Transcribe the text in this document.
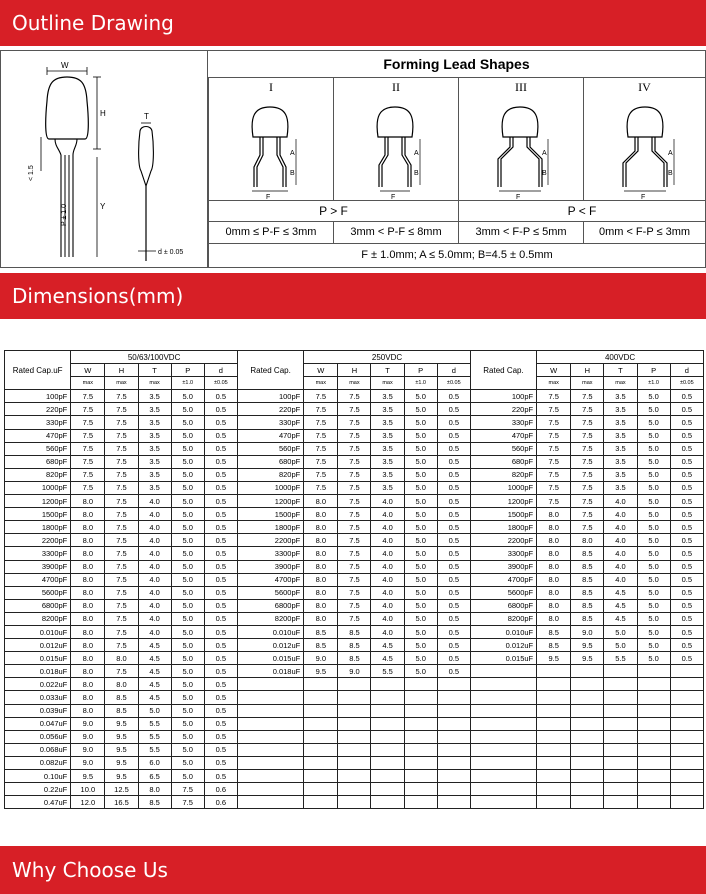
Outline Drawing
W
H
Y
< 1.5
P ± 1.0
T
d ± 0.05
Forming Lead Shapes
I	II	III	IV
A
B
F
A
B
F
A
B
F
A
B
F
P > F	P < F
0mm ≤ P-F ≤ 3mm	3mm < P-F ≤ 8mm	3mm < F-P ≤ 5mm	0mm < F-P ≤ 3mm
F ± 1.0mm; A ≤ 5.0mm; B=4.5 ± 0.5mm
Dimensions(mm)
Rated Cap.uF	50/63/100VDC					Rated Cap.	250VDC					Rated Cap.	400VDC				
	W	H	T	P	d		W	H	T	P	d		W	H	T	P	d
	max	max	max	±1.0	±0.05		max	max	max	±1.0	±0.05		max	max	max	±1.0	±0.05
100pF	7.5	7.5	3.5	5.0	0.5	100pF	7.5	7.5	3.5	5.0	0.5	100pF	7.5	7.5	3.5	5.0	0.5
220pF	7.5	7.5	3.5	5.0	0.5	220pF	7.5	7.5	3.5	5.0	0.5	220pF	7.5	7.5	3.5	5.0	0.5
330pF	7.5	7.5	3.5	5.0	0.5	330pF	7.5	7.5	3.5	5.0	0.5	330pF	7.5	7.5	3.5	5.0	0.5
470pF	7.5	7.5	3.5	5.0	0.5	470pF	7.5	7.5	3.5	5.0	0.5	470pF	7.5	7.5	3.5	5.0	0.5
560pF	7.5	7.5	3.5	5.0	0.5	560pF	7.5	7.5	3.5	5.0	0.5	560pF	7.5	7.5	3.5	5.0	0.5
680pF	7.5	7.5	3.5	5.0	0.5	680pF	7.5	7.5	3.5	5.0	0.5	680pF	7.5	7.5	3.5	5.0	0.5
820pF	7.5	7.5	3.5	5.0	0.5	820pF	7.5	7.5	3.5	5.0	0.5	820pF	7.5	7.5	3.5	5.0	0.5
1000pF	7.5	7.5	3.5	5.0	0.5	1000pF	7.5	7.5	3.5	5.0	0.5	1000pF	7.5	7.5	3.5	5.0	0.5
1200pF	8.0	7.5	4.0	5.0	0.5	1200pF	8.0	7.5	4.0	5.0	0.5	1200pF	7.5	7.5	4.0	5.0	0.5
1500pF	8.0	7.5	4.0	5.0	0.5	1500pF	8.0	7.5	4.0	5.0	0.5	1500pF	8.0	7.5	4.0	5.0	0.5
1800pF	8.0	7.5	4.0	5.0	0.5	1800pF	8.0	7.5	4.0	5.0	0.5	1800pF	8.0	7.5	4.0	5.0	0.5
2200pF	8.0	7.5	4.0	5.0	0.5	2200pF	8.0	7.5	4.0	5.0	0.5	2200pF	8.0	8.0	4.0	5.0	0.5
3300pF	8.0	7.5	4.0	5.0	0.5	3300pF	8.0	7.5	4.0	5.0	0.5	3300pF	8.0	8.5	4.0	5.0	0.5
3900pF	8.0	7.5	4.0	5.0	0.5	3900pF	8.0	7.5	4.0	5.0	0.5	3900pF	8.0	8.5	4.0	5.0	0.5
4700pF	8.0	7.5	4.0	5.0	0.5	4700pF	8.0	7.5	4.0	5.0	0.5	4700pF	8.0	8.5	4.0	5.0	0.5
5600pF	8.0	7.5	4.0	5.0	0.5	5600pF	8.0	7.5	4.0	5.0	0.5	5600pF	8.0	8.5	4.5	5.0	0.5
6800pF	8.0	7.5	4.0	5.0	0.5	6800pF	8.0	7.5	4.0	5.0	0.5	6800pF	8.0	8.5	4.5	5.0	0.5
8200pF	8.0	7.5	4.0	5.0	0.5	8200pF	8.0	7.5	4.0	5.0	0.5	8200pF	8.0	8.5	4.5	5.0	0.5
0.010uF	8.0	7.5	4.0	5.0	0.5	0.010uF	8.5	8.5	4.0	5.0	0.5	0.010uF	8.5	9.0	5.0	5.0	0.5
0.012uF	8.0	7.5	4.5	5.0	0.5	0.012uF	8.5	8.5	4.5	5.0	0.5	0.012uF	8.5	9.5	5.0	5.0	0.5
0.015uF	8.0	8.0	4.5	5.0	0.5	0.015uF	9.0	8.5	4.5	5.0	0.5	0.015uF	9.5	9.5	5.5	5.0	0.5
0.018uF	8.0	7.5	4.5	5.0	0.5	0.018uF	9.5	9.0	5.5	5.0	0.5						
0.022uF	8.0	8.0	4.5	5.0	0.5												
0.033uF	8.0	8.5	4.5	5.0	0.5												
0.039uF	8.0	8.5	5.0	5.0	0.5												
0.047uF	9.0	9.5	5.5	5.0	0.5												
0.056uF	9.0	9.5	5.5	5.0	0.5												
0.068uF	9.0	9.5	5.5	5.0	0.5												
0.082uF	9.0	9.5	6.0	5.0	0.5												
0.10uF	9.5	9.5	6.5	5.0	0.5												
0.22uF	10.0	12.5	8.0	7.5	0.6												
0.47uF	12.0	16.5	8.5	7.5	0.6												
Why Choose Us
